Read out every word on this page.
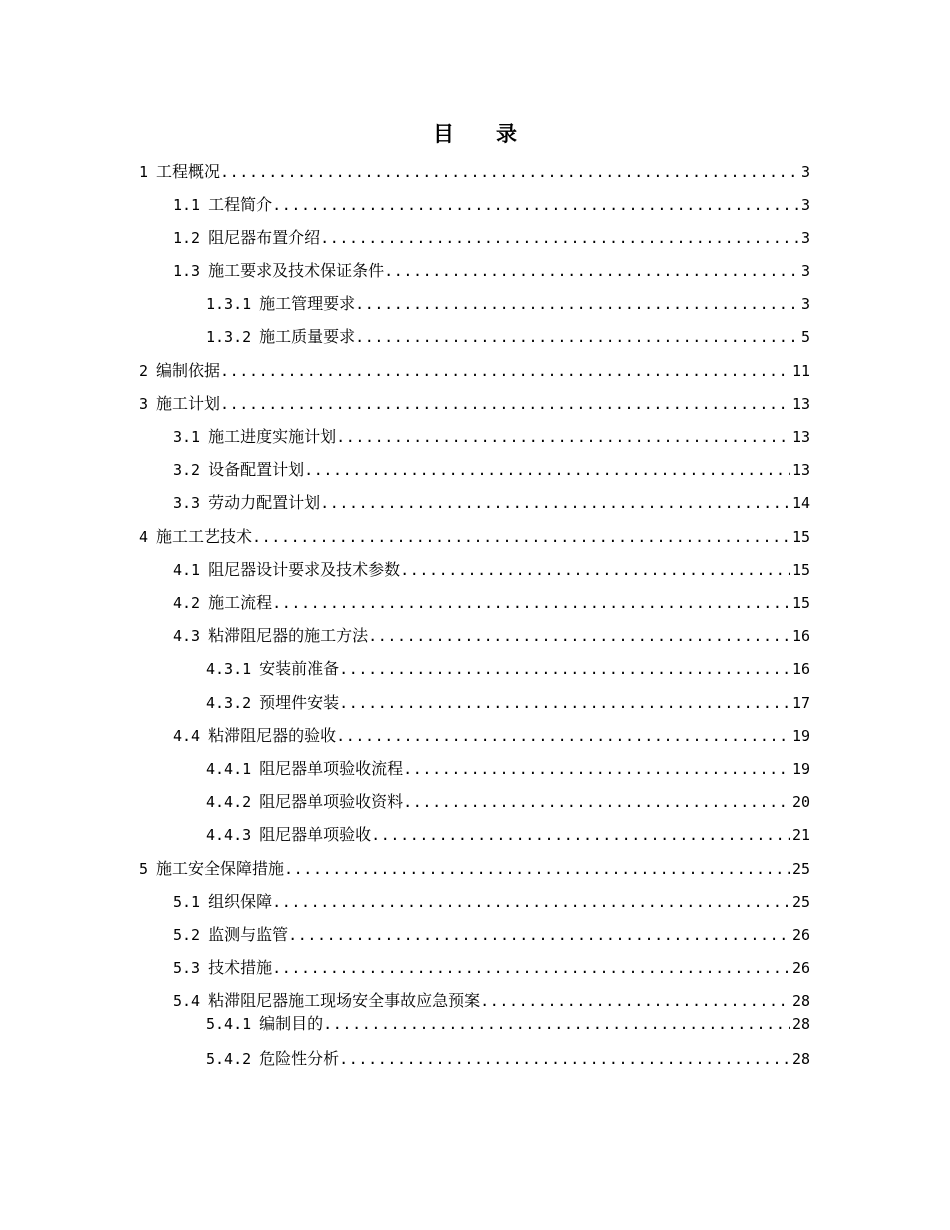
目 录
1 工程概况 .....	3
1.1 工程简介 .....	3
1.2 阻尼器布置介绍 .....	3
1.3 施工要求及技术保证条件 .....	3
1.3.1 施工管理要求 .....	3
1.3.2 施工质量要求 .....	5
2 编制依据 .....	11
3 施工计划 .....	13
3.1 施工进度实施计划 .....	13
3.2 设备配置计划 .....	13
3.3 劳动力配置计划 .....	14
4 施工工艺技术 .....	15
4.1 阻尼器设计要求及技术参数 .....	15
4.2 施工流程 .....	15
4.3 粘滞阻尼器的施工方法 .....	16
4.3.1 安装前准备 .....	16
4.3.2 预埋件安装 .....	17
4.4 粘滞阻尼器的验收 .....	19
4.4.1 阻尼器单项验收流程 .....	19
4.4.2 阻尼器单项验收资料 .....	20
4.4.3 阻尼器单项验收 .....	21
5 施工安全保障措施 .....	25
5.1 组织保障 .....	25
5.2 监测与监管 .....	26
5.3 技术措施 .....	26
5.4 粘滞阻尼器施工现场安全事故应急预案 .....	28
5.4.1 编制目的 .....	28
5.4.2 危险性分析 .....	28
